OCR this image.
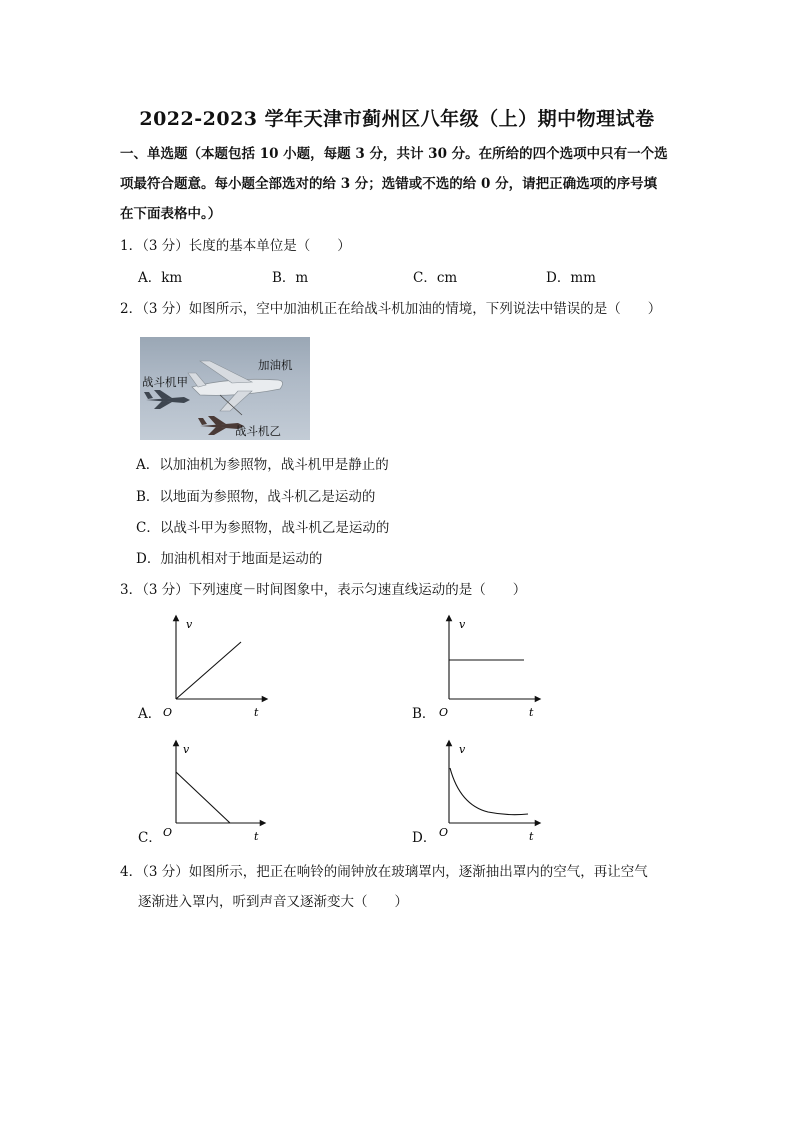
2022-2023 学年天津市蓟州区八年级（上）期中物理试卷
一、单选题（本题包括 10 小题，每题 3 分，共计 30 分。在所给的四个选项中只有一个选
项最符合题意。每小题全部选对的给 3 分；选错或不选的给 0 分，请把正确选项的序号填
在下面表格中。）
1．（3 分）长度的基本单位是（　　）
A．km	B．m	C．cm	D．mm
2．（3 分）如图所示，空中加油机正在给战斗机加油的情境，下列说法中错误的是（　　）
加油机
战斗机甲
战斗机乙
A．以加油机为参照物，战斗机甲是静止的
B．以地面为参照物，战斗机乙是运动的
C．以战斗甲为参照物，战斗机乙是运动的
D．加油机相对于地面是运动的
3．（3 分）下列速度－时间图象中，表示匀速直线运动的是（　　）
A．
v
O	t	B．
v
O	t
C．
v
O	t	D．
v
O	t
4．（3 分）如图所示，把正在响铃的闹钟放在玻璃罩内，逐渐抽出罩内的空气，再让空气
逐渐进入罩内，听到声音又逐渐变大（　　）
